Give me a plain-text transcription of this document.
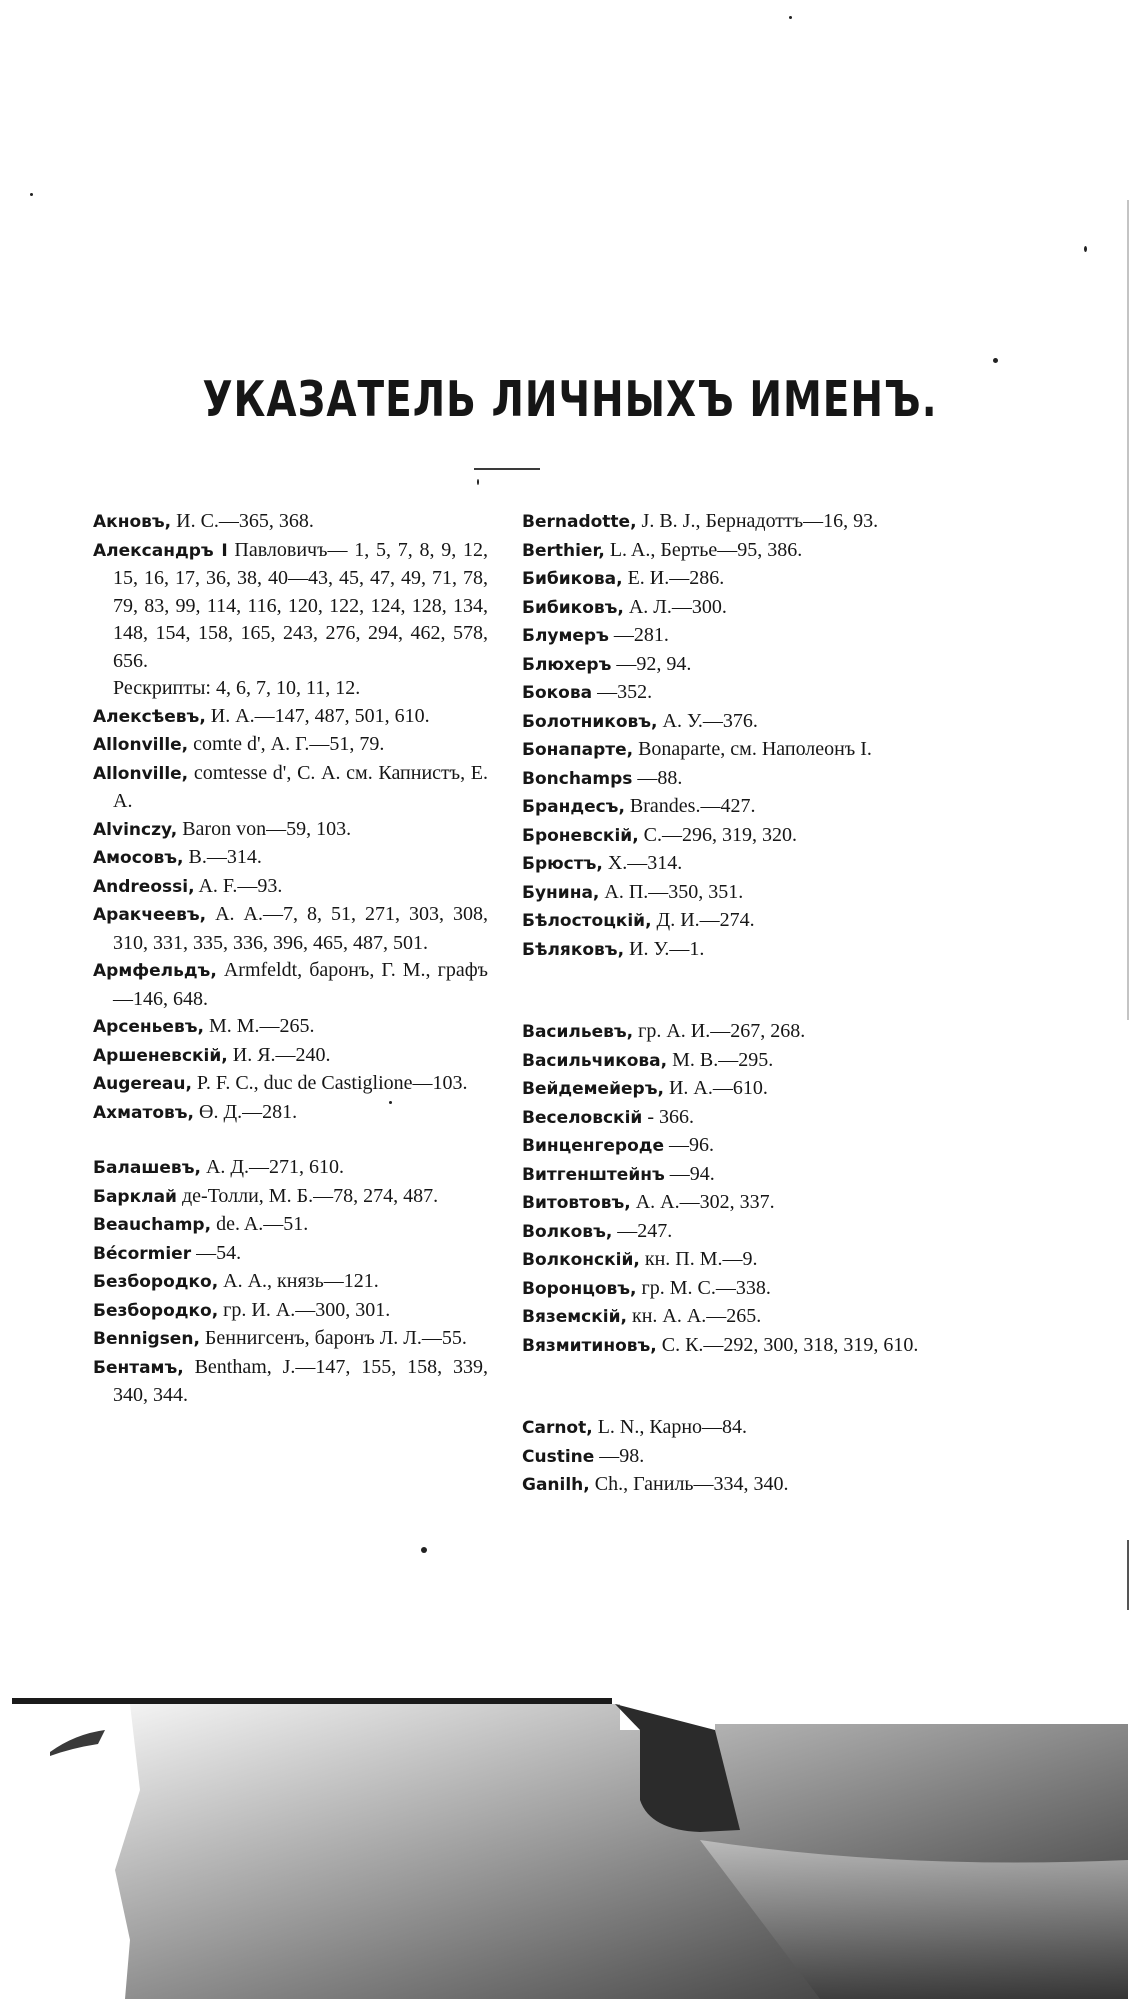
УКАЗАТЕЛЬ ЛИЧНЫХЪ ИМЕНЪ.
Акновъ, И. С.—365, 368.
Александръ I Павловичъ— 1, 5, 7, 8, 9, 12, 15, 16, 17, 36, 38, 40—43, 45, 47, 49, 71, 78, 79, 83, 99, 114, 116, 120, 122, 124, 128, 134, 148, 154, 158, 165, 243, 276, 294, 462, 578, 656.
Рескрипты: 4, 6, 7, 10, 11, 12.
Алексѣевъ, И. А.—147, 487, 501, 610.
Allonville, comte d', А. Г.—51, 79.
Allonville, comtesse d', С. А. см. Капнистъ, Е. А.
Alvinczy, Baron von—59, 103.
Амосовъ, В.—314.
Andreossi, A. F.—93.
Аракчеевъ, А. А.—7, 8, 51, 271, 303, 308, 310, 331, 335, 336, 396, 465, 487, 501.
Армфельдъ, Armfeldt, баронъ, Г. М., графъ—146, 648.
Арсеньевъ, М. М.—265.
Аршеневскій, И. Я.—240.
Augereau, P. F. C., duc de Castiglione—103.
Ахматовъ, Ө. Д.—281.
Балашевъ, А. Д.—271, 610.
Барклай де-Толли, М. Б.—78, 274, 487.
Beauchamp, de. A.—51.
Bécormier —54.
Безбородко, А. А., князь—121.
Безбородко, гр. И. А.—300, 301.
Bennigsen, Беннигсенъ, баронъ Л. Л.—55.
Бентамъ, Bentham, J.—147, 155, 158, 339, 340, 344.
Bernadotte, J. B. J., Бернадоттъ—16, 93.
Berthier, L. A., Бертьe—95, 386.
Бибикова, Е. И.—286.
Бибиковъ, А. Л.—300.
Блумеръ —281.
Блюхеръ —92, 94.
Бокова —352.
Болотниковъ, А. У.—376.
Бонапарте, Bonaparte, см. Наполеонъ I.
Bonchamps —88.
Брандесъ, Brandes.—427.
Броневскій, С.—296, 319, 320.
Брюстъ, Х.—314.
Бунина, А. П.—350, 351.
Бѣлостоцкій, Д. И.—274.
Бѣляковъ, И. У.—1.
Васильевъ, гр. А. И.—267, 268.
Васильчикова, М. В.—295.
Вейдемейеръ, И. А.—610.
Веселовскій - 366.
Винценгероде —96.
Витгенштейнъ —94.
Витовтовъ, А. А.—302, 337.
Волковъ, —247.
Волконскій, кн. П. М.—9.
Воронцовъ, гр. М. С.—338.
Вяземскій, кн. А. А.—265.
Вязмитиновъ, С. К.—292, 300, 318, 319, 610.
Carnot, L. N., Карно—84.
Custine —98.
Ganilh, Ch., Ганиль—334, 340.
